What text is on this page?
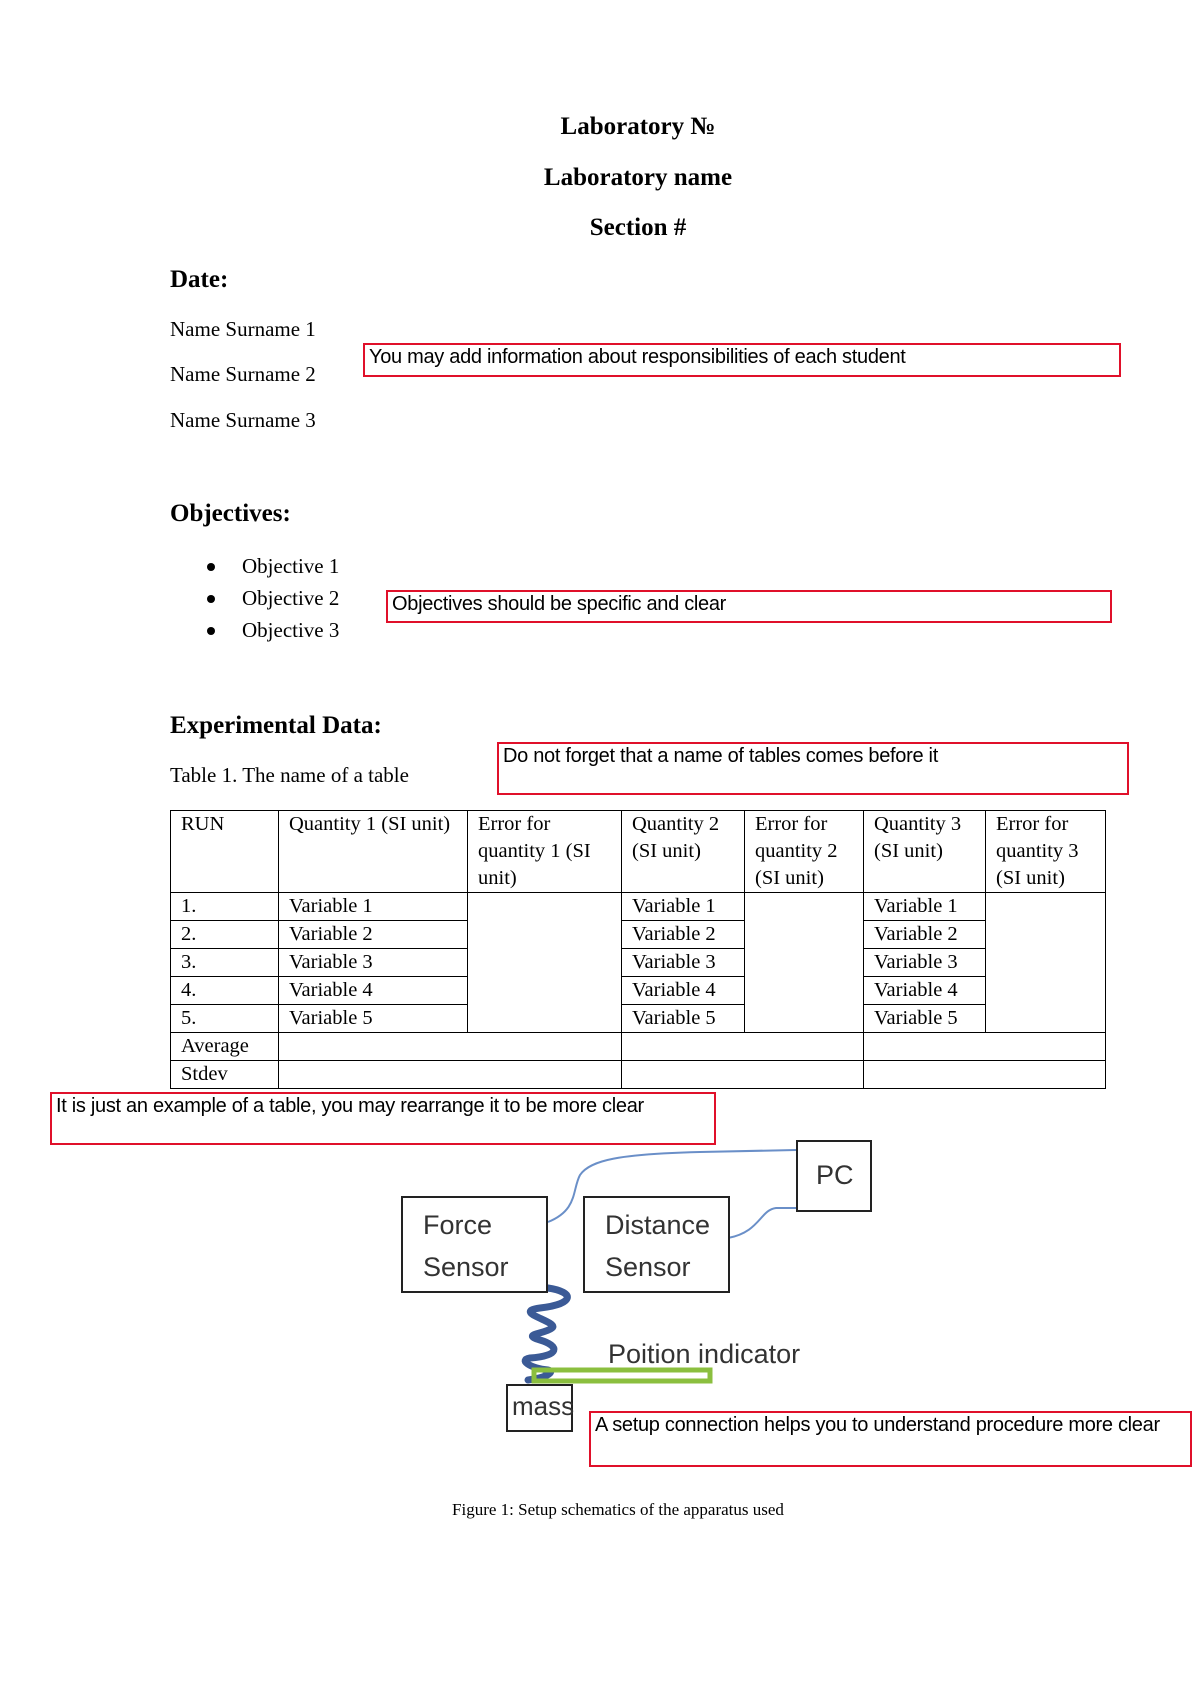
Laboratory №
Laboratory name
Section #
Date:
Name Surname 1
Name Surname 2
Name Surname 3
You may add information about responsibilities of each student
Objectives:
Objective 1
Objective 2
Objective 3
Objectives should be specific and clear
Experimental Data:
Table 1. The name of a table
Do not forget that a name of tables comes before it
RUN	Quantity 1 (SI unit)	Error for quantity 1 (SI unit)	Quantity 2 (SI unit)	Error for quantity 2 (SI unit)	Quantity 3 (SI unit)	Error for quantity 3 (SI unit)
1.	Variable 1		Variable 1		Variable 1	
2.	Variable 2		Variable 2		Variable 2	
3.	Variable 3		Variable 3		Variable 3	
4.	Variable 4		Variable 4		Variable 4	
5.	Variable 5		Variable 5		Variable 5	
Average						
Stdev						
It is just an example of a table, you may rearrange it to be more clear
PC
Force
Sensor
Distance
Sensor
Poition indicator
mass
A setup connection helps you to understand procedure more clear
Figure 1: Setup schematics of the apparatus used
